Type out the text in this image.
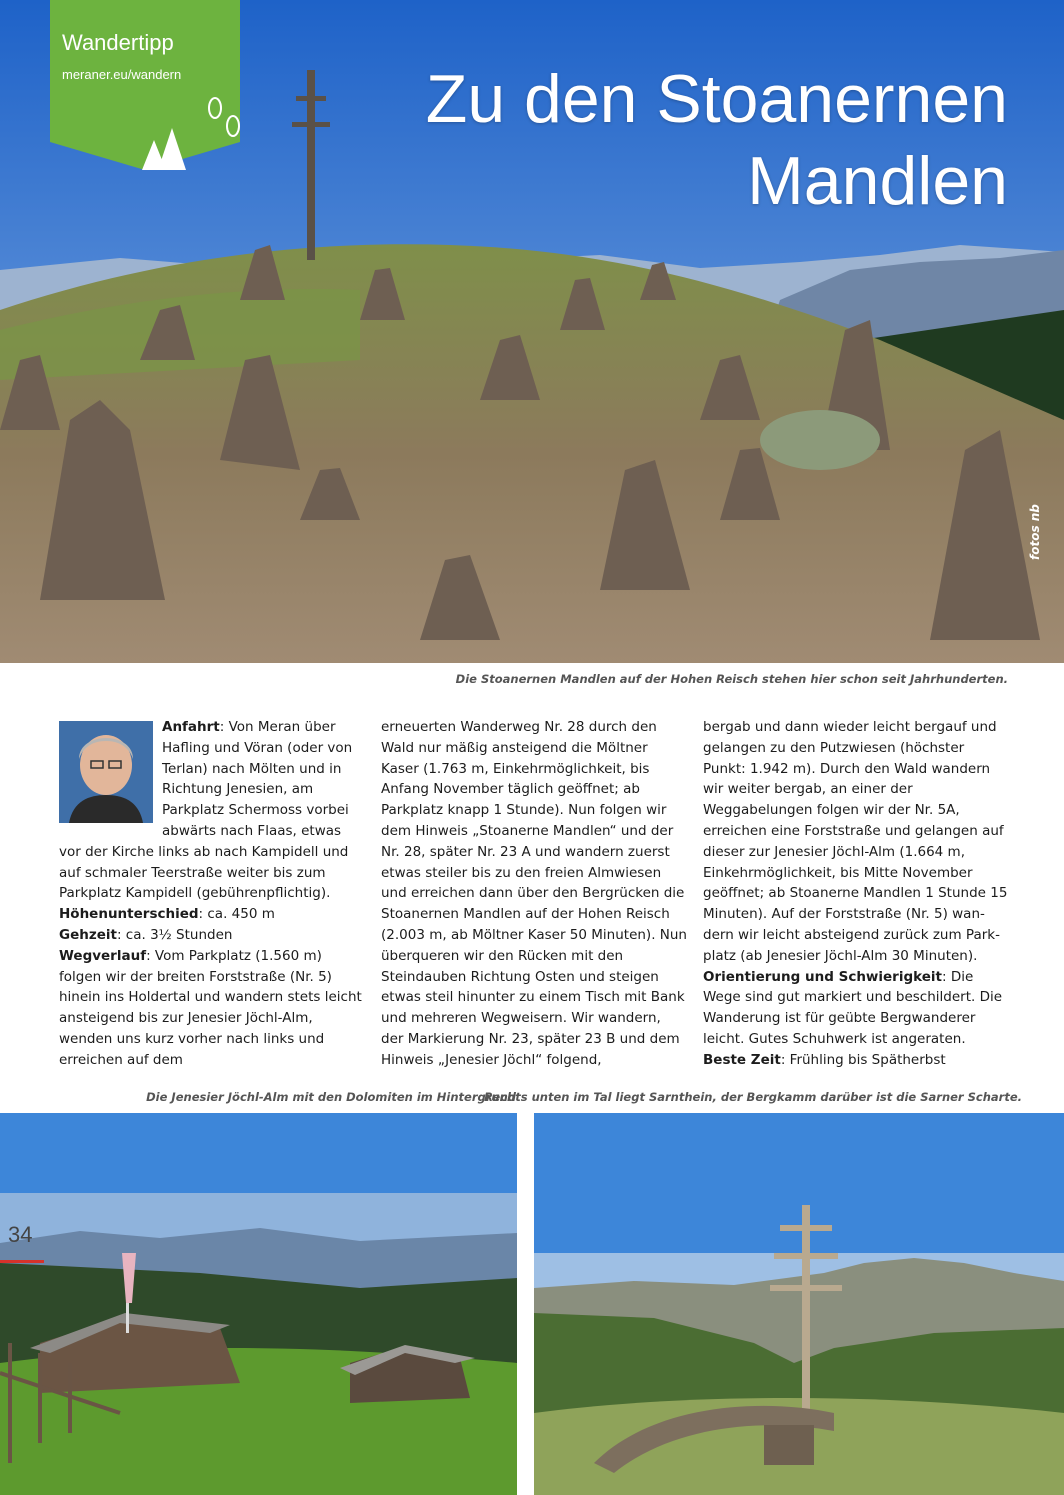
Wandertipp
meraner.eu/wandern	Zu den Stoanernen
Mandlen
fotos nb
Die Stoanernen Mandlen auf der Hohen Reisch stehen hier schon seit Jahrhunderten.

Anfahrt: Von Meran über Hafling und Vöran (oder von Terlan) nach Mölten und in Richtung Jenesien, am Parkplatz Schermoss vorbei abwärts nach Flaas, etwas vor der Kirche links ab nach Kampidell und auf schmaler Teerstraße weiter bis zum Parkplatz Kampidell (gebührenpflichtig).

Höhenunterschied: ca. 450 m

Gehzeit: ca. 3½ Stunden

Wegverlauf: Vom Parkplatz (1.560 m) folgen wir der breiten Forststraße (Nr. 5) hinein ins Holdertal und wandern stets leicht ansteigend bis zur Jenesier Jöchl-Alm, wenden uns kurz vorher nach links und erreichen auf dem

erneuerten Wanderweg Nr. 28 durch den Wald nur mäßig ansteigend die Möltner Kaser (1.763 m, Einkehrmöglichkeit, bis Anfang November täglich geöffnet; ab Parkplatz knapp 1 Stunde). Nun folgen wir dem Hinweis „Stoanerne Mandlen“ und der Nr. 28, später Nr. 23 A und wandern zuerst etwas steiler bis zu den freien Almwiesen und erreichen dann über den Bergrücken die Stoanernen Mandlen auf der Hohen Reisch (2.003 m, ab Möltner Kaser 50 Minuten). Nun überqueren wir den Rücken mit den Steindauben Richtung Osten und steigen etwas steil hinunter zu einem Tisch mit Bank und mehreren Wegweisern. Wir wandern, der Markierung Nr. 23, später 23 B und dem Hinweis „Jenesier Jöchl“ folgend,

bergab und dann wieder leicht bergauf und gelangen zu den Putzwiesen (höchster Punkt: 1.942 m). Durch den Wald wandern wir weiter bergab, an einer der Weggabelungen folgen wir der Nr. 5A, erreichen eine Forststraße und gelangen auf dieser zur Jenesier Jöchl-Alm (1.664 m, Einkehrmöglichkeit, bis Mitte November geöffnet; ab Stoanerne Mandlen 1 Stunde 15 Minuten). Auf der Forststraße (Nr. 5) wandern wir leicht absteigend zurück zum Parkplatz (ab Jenesier Jöchl-Alm 30 Minuten).

Orientierung und Schwierigkeit: Die Wege sind gut markiert und beschildert. Die Wanderung ist für geübte Bergwanderer leicht. Gutes Schuhwerk ist angeraten.

Beste Zeit: Frühling bis Spätherbst

Die Jenesier Jöchl-Alm mit den Dolomiten im Hintergrund
Rechts unten im Tal liegt Sarnthein, der Bergkamm darüber ist die Sarner Scharte.
34
